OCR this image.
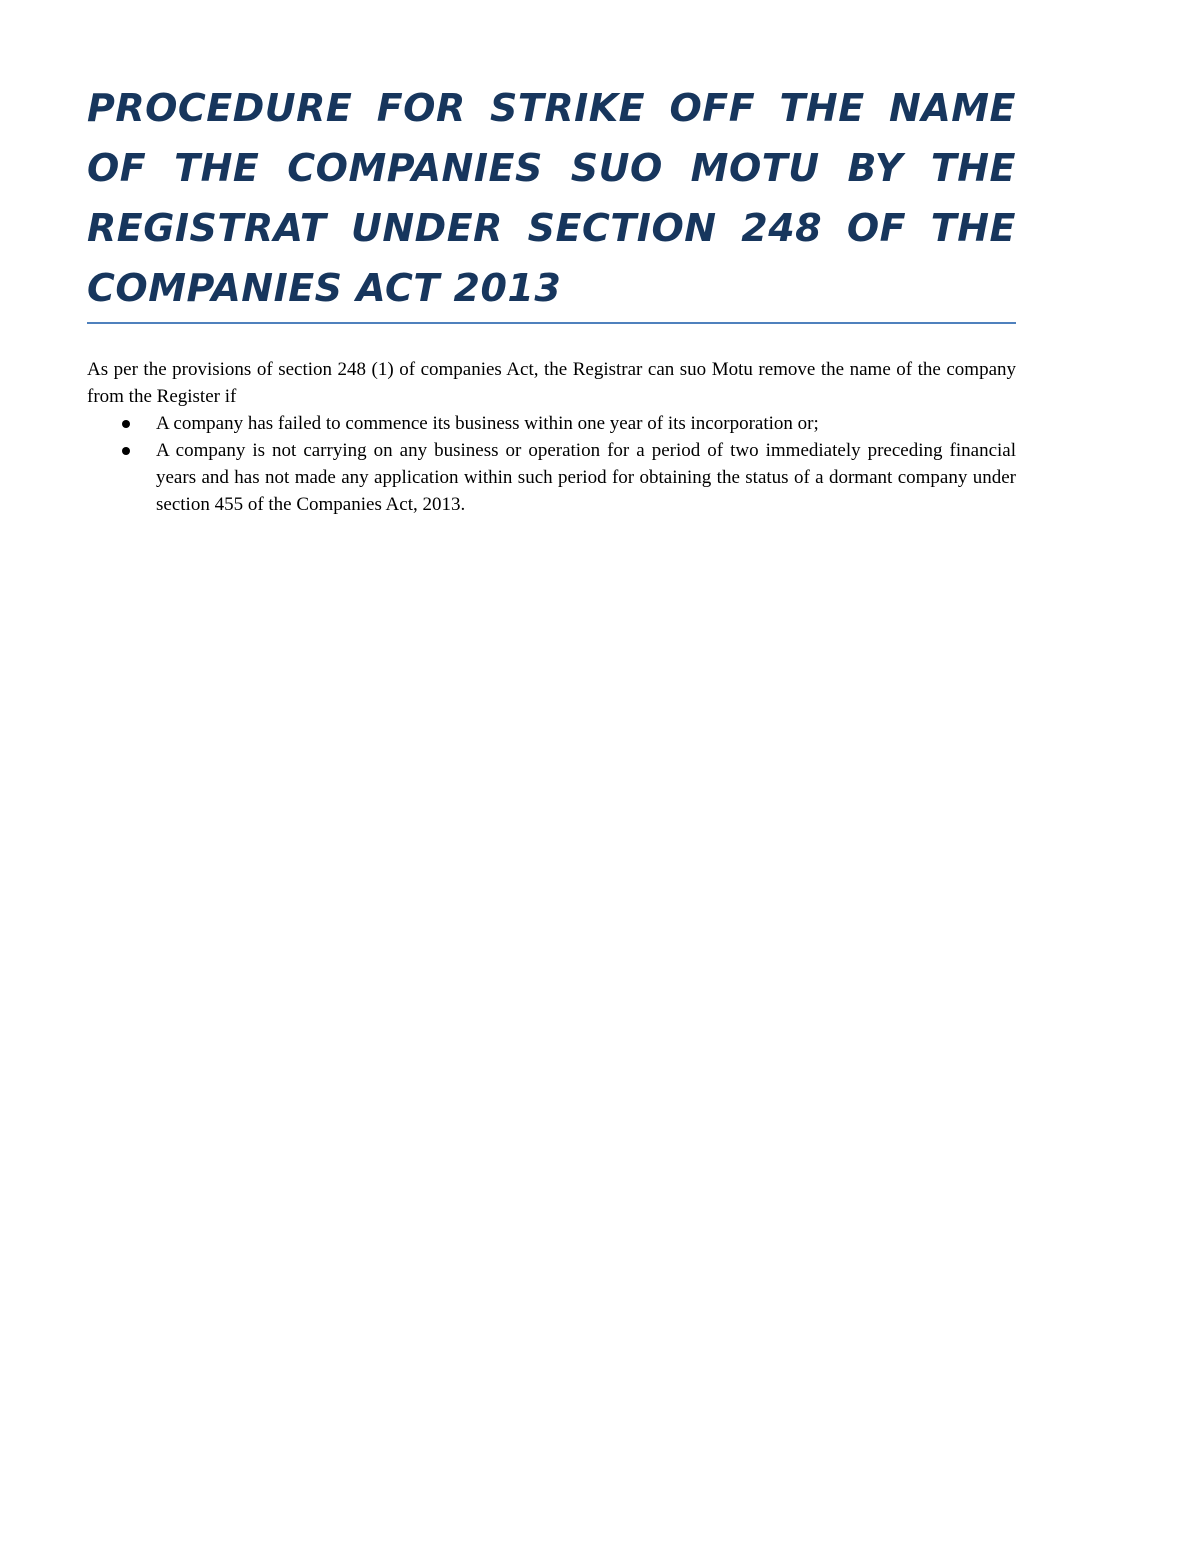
PROCEDURE FOR STRIKE OFF THE NAME OF THE COMPANIES SUO MOTU BY THE REGISTRAT UNDER SECTION 248 OF THE COMPANIES ACT 2013

As per the provisions of section 248 (1) of companies Act, the Registrar can suo Motu remove the name of the company from the Register if

A company has failed to commence its business within one year of its incorporation or;
A company is not carrying on any business or operation for a period of two immediately preceding financial years and has not made any application within such period for obtaining the status of a dormant company under section 455 of the Companies Act, 2013.
